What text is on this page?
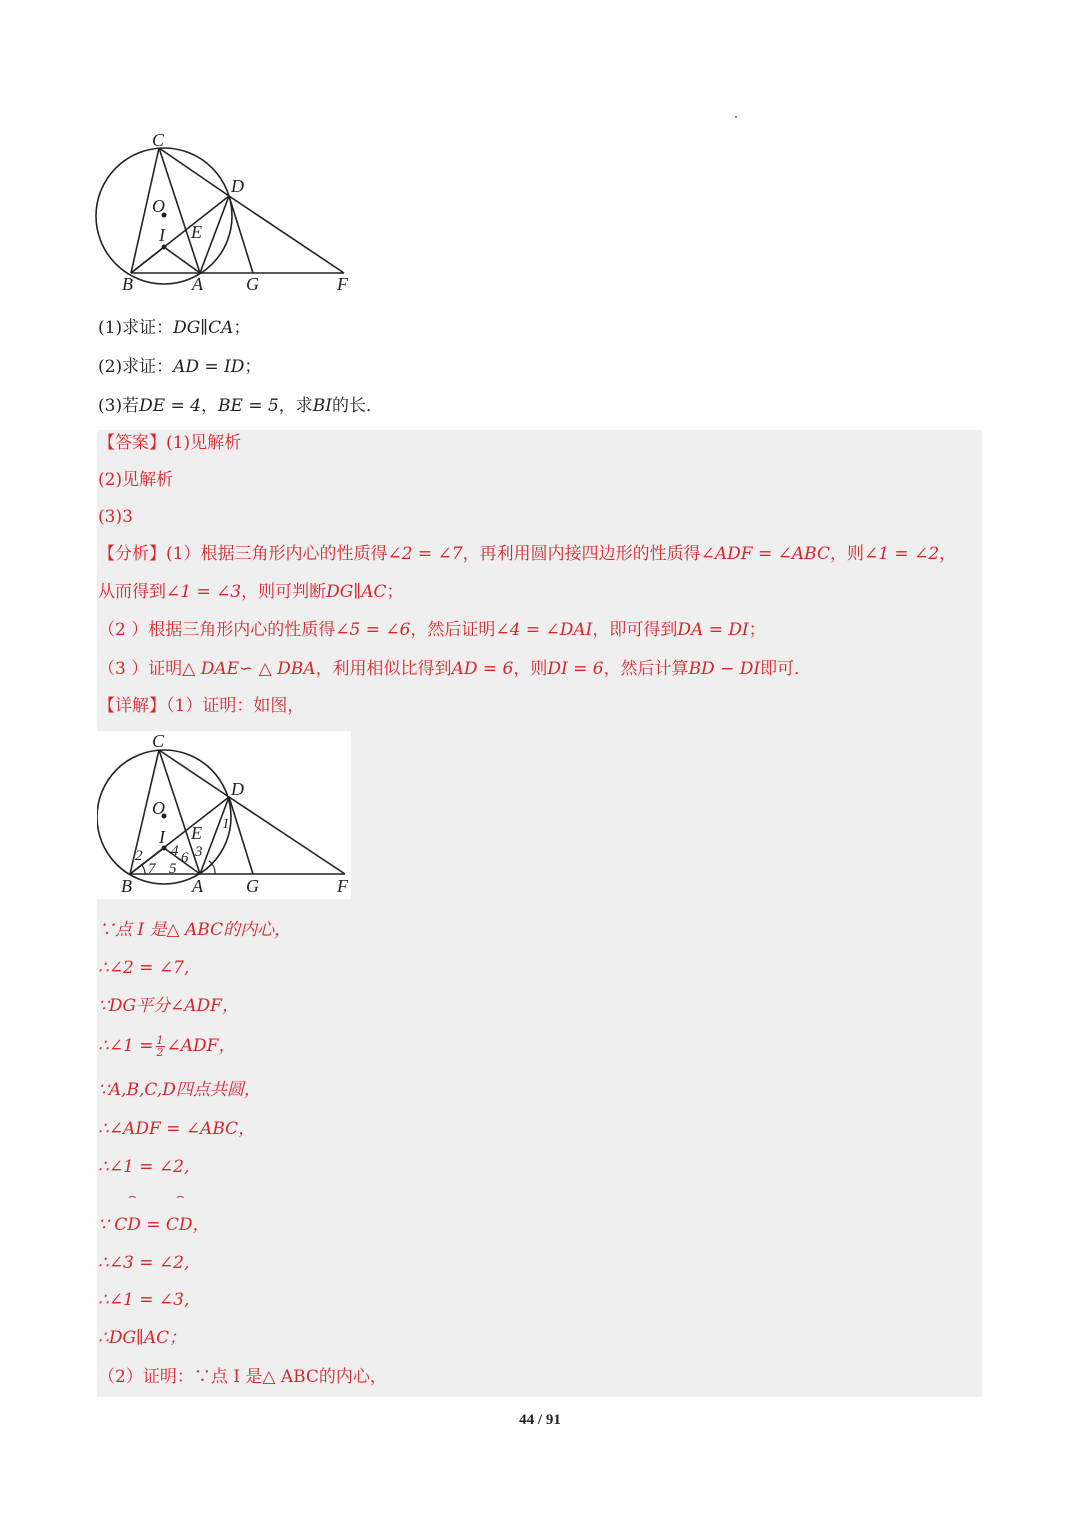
C
D
O
I E
B	A G	F
(1)求证：DG∥CA；
(2)求证：AD = ID；
(3)若DE = 4，BE = 5，求BI的长．
【答案】(1)见解析
(2)见解析
(3)3
【分析】(1）根据三角形内心的性质得∠2 = ∠7，再利用圆内接四边形的性质得∠ADF = ∠ABC，则∠1 = ∠2，
从而得到∠1 = ∠3，则可判断DG∥AC；
（2 ）根据三角形内心的性质得∠5 = ∠6，然后证明∠4 = ∠DAI，即可得到DA = DI；
（3 ）证明△ DAE∽ △ DBA，利用相似比得到AD = 6，则DI = 6，然后计算BD − DI即可．
【详解】（1）证明：如图，
C
D
O
I E
B	A G	F
1
2	3
4
5
6
7
∵点 I 是△ ABC的内心，
∴∠2 = ∠7,
∵DG平分∠ADF，
∴∠1 = $\frac{1}{2}$ ∠ADF，
∵A,B,C,D四点共圆，
∴∠ADF = ∠ABC，
∴∠1 = ∠2,
⌢	⌢
∵ CD = CD，
∴∠3 = ∠2,
∴∠1 = ∠3,
∴DG∥AC；
（2）证明：∵点 I 是△ ABC的内心，
44 / 91
